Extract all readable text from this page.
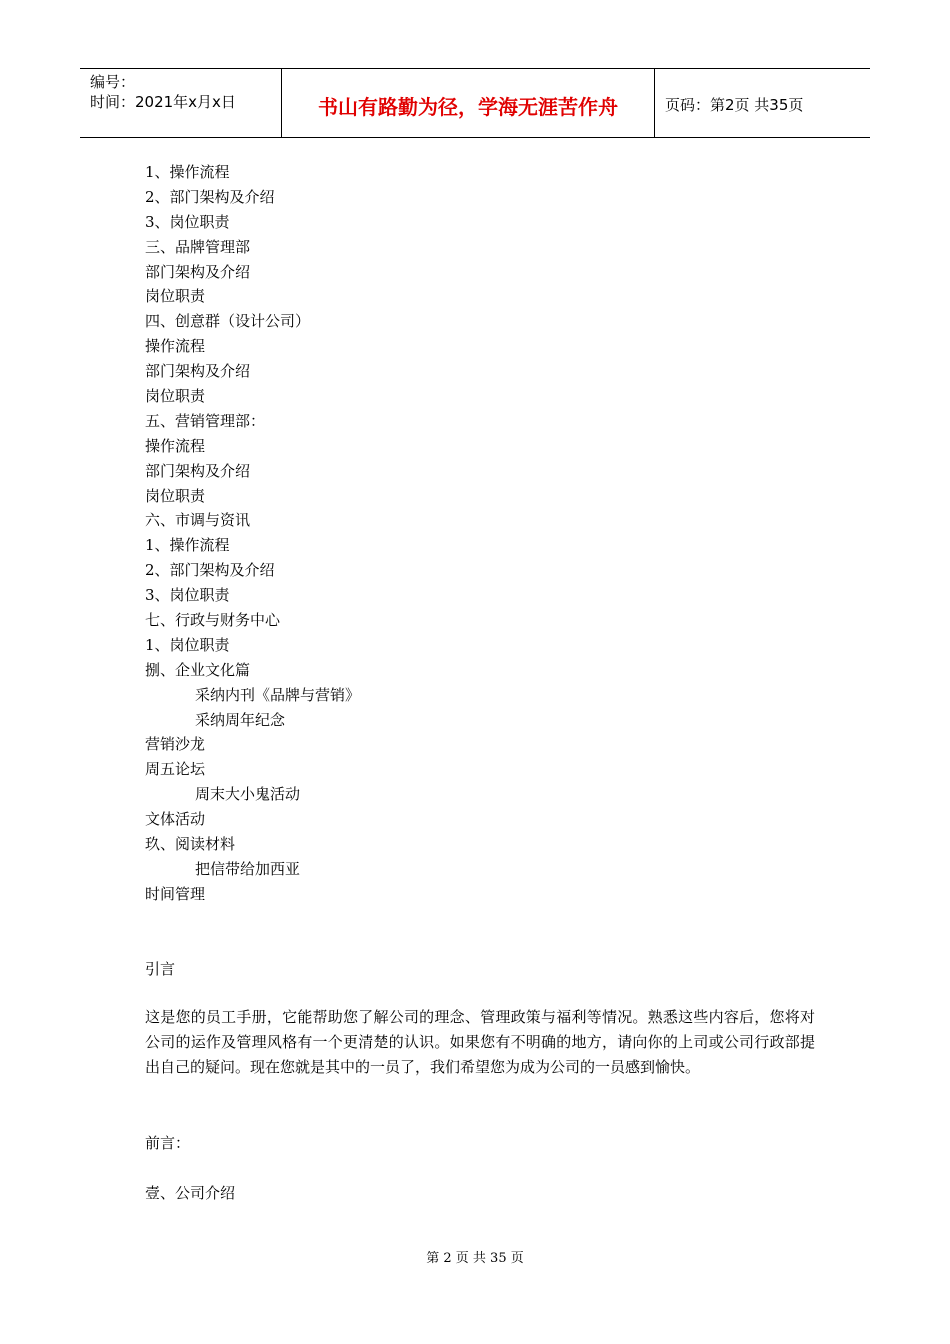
编号：
时间：2021年x月x日	书山有路勤为径，学海无涯苦作舟	页码：第2页 共35页
1、操作流程
2、部门架构及介绍
3、岗位职责
三、品牌管理部
部门架构及介绍
岗位职责
四、创意群（设计公司）
操作流程
部门架构及介绍
岗位职责
五、营销管理部：
操作流程
部门架构及介绍
岗位职责
六、市调与资讯
1、操作流程
2、部门架构及介绍
3、岗位职责
七、行政与财务中心
1、岗位职责
捌、企业文化篇
采纳内刊《品牌与营销》
采纳周年纪念
营销沙龙
周五论坛
周末大小鬼活动
文体活动
玖、阅读材料
把信带给加西亚
时间管理
引言
这是您的员工手册，它能帮助您了解公司的理念、管理政策与福利等情况。熟悉这些内容后，您将对公司的运作及管理风格有一个更清楚的认识。如果您有不明确的地方，请向你的上司或公司行政部提出自己的疑问。现在您就是其中的一员了，我们希望您为成为公司的一员感到愉快。
前言：
壹、公司介绍
第 2 页 共 35 页
